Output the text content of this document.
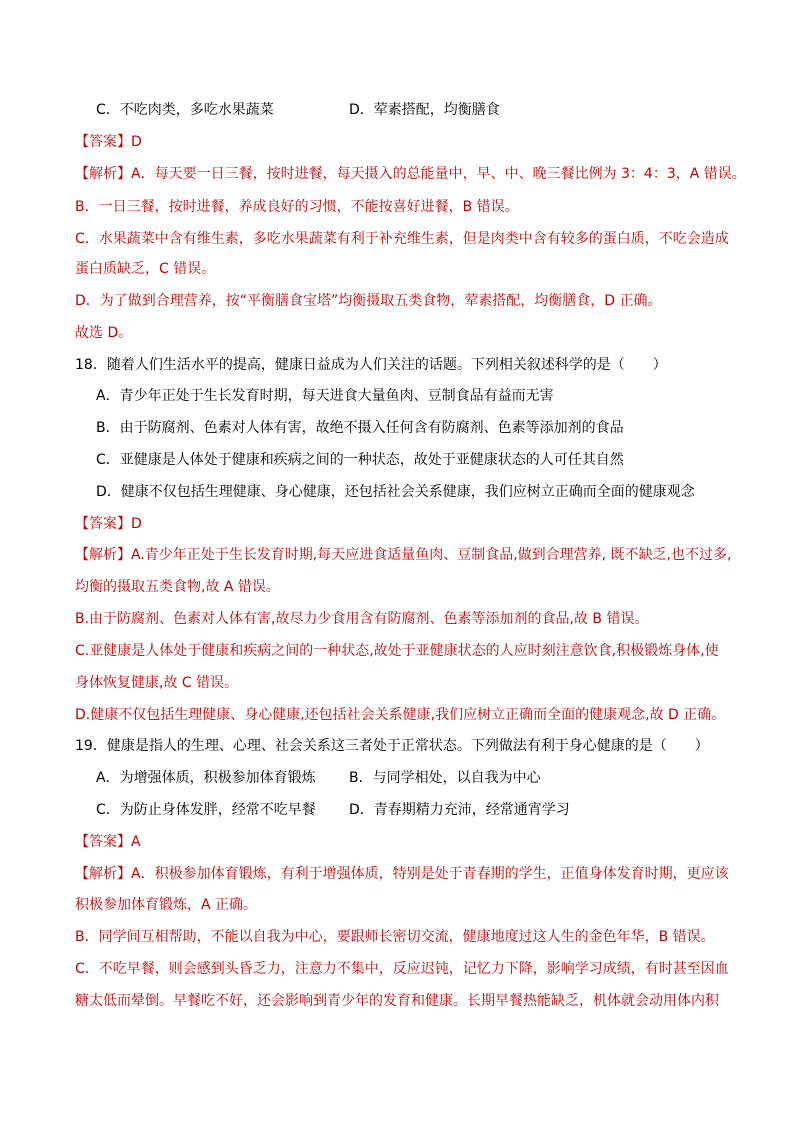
C．不吃肉类，多吃水果蔬菜	D．荤素搭配，均衡膳食
【答案】D
【解析】A．每天要一日三餐，按时进餐，每天摄入的总能量中，早、中、晚三餐比例为 3：4：3，A 错误。
B．一日三餐，按时进餐，养成良好的习惯，不能按喜好进餐，B 错误。
C．水果蔬菜中含有维生素，多吃水果蔬菜有利于补充维生素，但是肉类中含有较多的蛋白质，不吃会造成
蛋白质缺乏，C 错误。
D．为了做到合理营养，按“平衡膳食宝塔”均衡摄取五类食物，荤素搭配，均衡膳食，D 正确。
故选 D。
18．随着人们生活水平的提高，健康日益成为人们关注的话题。下列相关叙述科学的是（　　）
A．青少年正处于生长发育时期，每天进食大量鱼肉、豆制食品有益而无害
B．由于防腐剂、色素对人体有害，故绝不摄入任何含有防腐剂、色素等添加剂的食品
C．亚健康是人体处于健康和疾病之间的一种状态，故处于亚健康状态的人可任其自然
D．健康不仅包括生理健康、身心健康，还包括社会关系健康，我们应树立正确而全面的健康观念
【答案】D
【解析】A.青少年正处于生长发育时期,每天应进食适量鱼肉、豆制食品,做到合理营养, 既不缺乏,也不过多,
均衡的摄取五类食物,故 A 错误。
B.由于防腐剂、色素对人体有害,故尽力少食用含有防腐剂、色素等添加剂的食品,故 B 错误。
C.亚健康是人体处于健康和疾病之间的一种状态,故处于亚健康状态的人应时刻注意饮食,积极锻炼身体,使
身体恢复健康,故 C 错误。
D.健康不仅包括生理健康、身心健康,还包括社会关系健康,我们应树立正确而全面的健康观念,故 D 正确。
19．健康是指人的生理、心理、社会关系这三者处于正常状态。下列做法有利于身心健康的是（　　）
A．为增强体质，积极参加体育锻炼 B．与同学相处，以自我为中心
C．为防止身体发胖，经常不吃早餐 D．青春期精力充沛，经常通宵学习
【答案】A
【解析】A．积极参加体育锻炼，有利于增强体质，特别是处于青春期的学生，正值身体发育时期，更应该
积极参加体育锻炼，A 正确。
B．同学间互相帮助，不能以自我为中心，要跟师长密切交流，健康地度过这人生的金色年华，B 错误。
C．不吃早餐，则会感到头昏乏力，注意力不集中，反应迟钝，记忆力下降，影响学习成绩，有时甚至因血
糖太低而晕倒。早餐吃不好，还会影响到青少年的发育和健康。长期早餐热能缺乏，机体就会动用体内积
